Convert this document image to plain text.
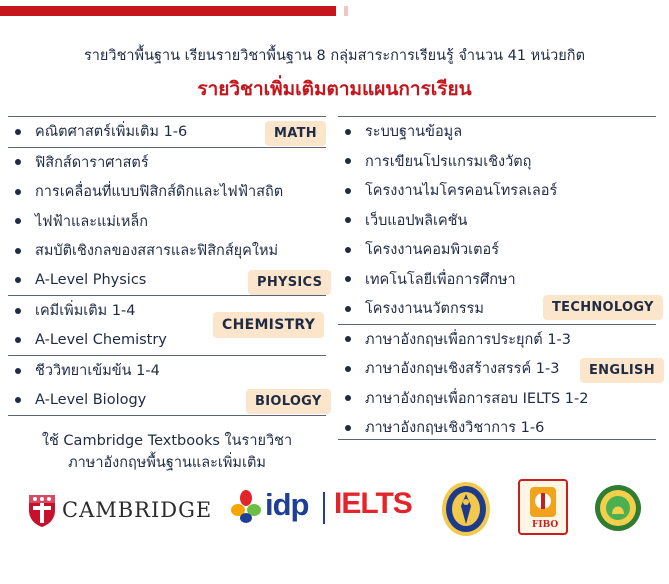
รายวิชาพื้นฐาน เรียนรายวิชาพื้นฐาน 8 กลุ่มสาระการเรียนรู้ จำนวน 41 หน่วยกิต
รายวิชาเพิ่มเติมตามแผนการเรียน
คณิตศาสตร์เพิ่มเติม 1-6	MATH
ฟิสิกส์ดาราศาสตร์
การเคลื่อนที่แบบฟิสิกส์ดิกและไฟฟ้าสถิต
ไฟฟ้าและแม่เหล็ก
สมบัติเชิงกลของสสารและฟิสิกส์ยุคใหม่
A-Level Physics	PHYSICS
เคมีเพิ่มเติม 1-4
A-Level Chemistry
CHEMISTRY
ชีววิทยาเข้มข้น 1-4
A-Level Biology	BIOLOGY
ระบบฐานข้อมูล
การเขียนโปรแกรมเชิงวัตถุ
โครงงานไมโครคอนโทรลเลอร์
เว็บแอปพลิเคชัน
โครงงานคอมพิวเตอร์
เทคโนโลยีเพื่อการศึกษา
โครงงานนวัตกรรม	TECHNOLOGY
ภาษาอังกฤษเพื่อการประยุกต์ 1-3
ภาษาอังกฤษเชิงสร้างสรรค์ 1-3
ภาษาอังกฤษเพื่อการสอบ IELTS 1-2
ภาษาอังกฤษเชิงวิชาการ 1-6
ENGLISH
ใช้ Cambridge Textbooks ในรายวิชา
ภาษาอังกฤษพื้นฐานและเพิ่มเติม
CAMBRIDGE idp IELTS
FIBO
